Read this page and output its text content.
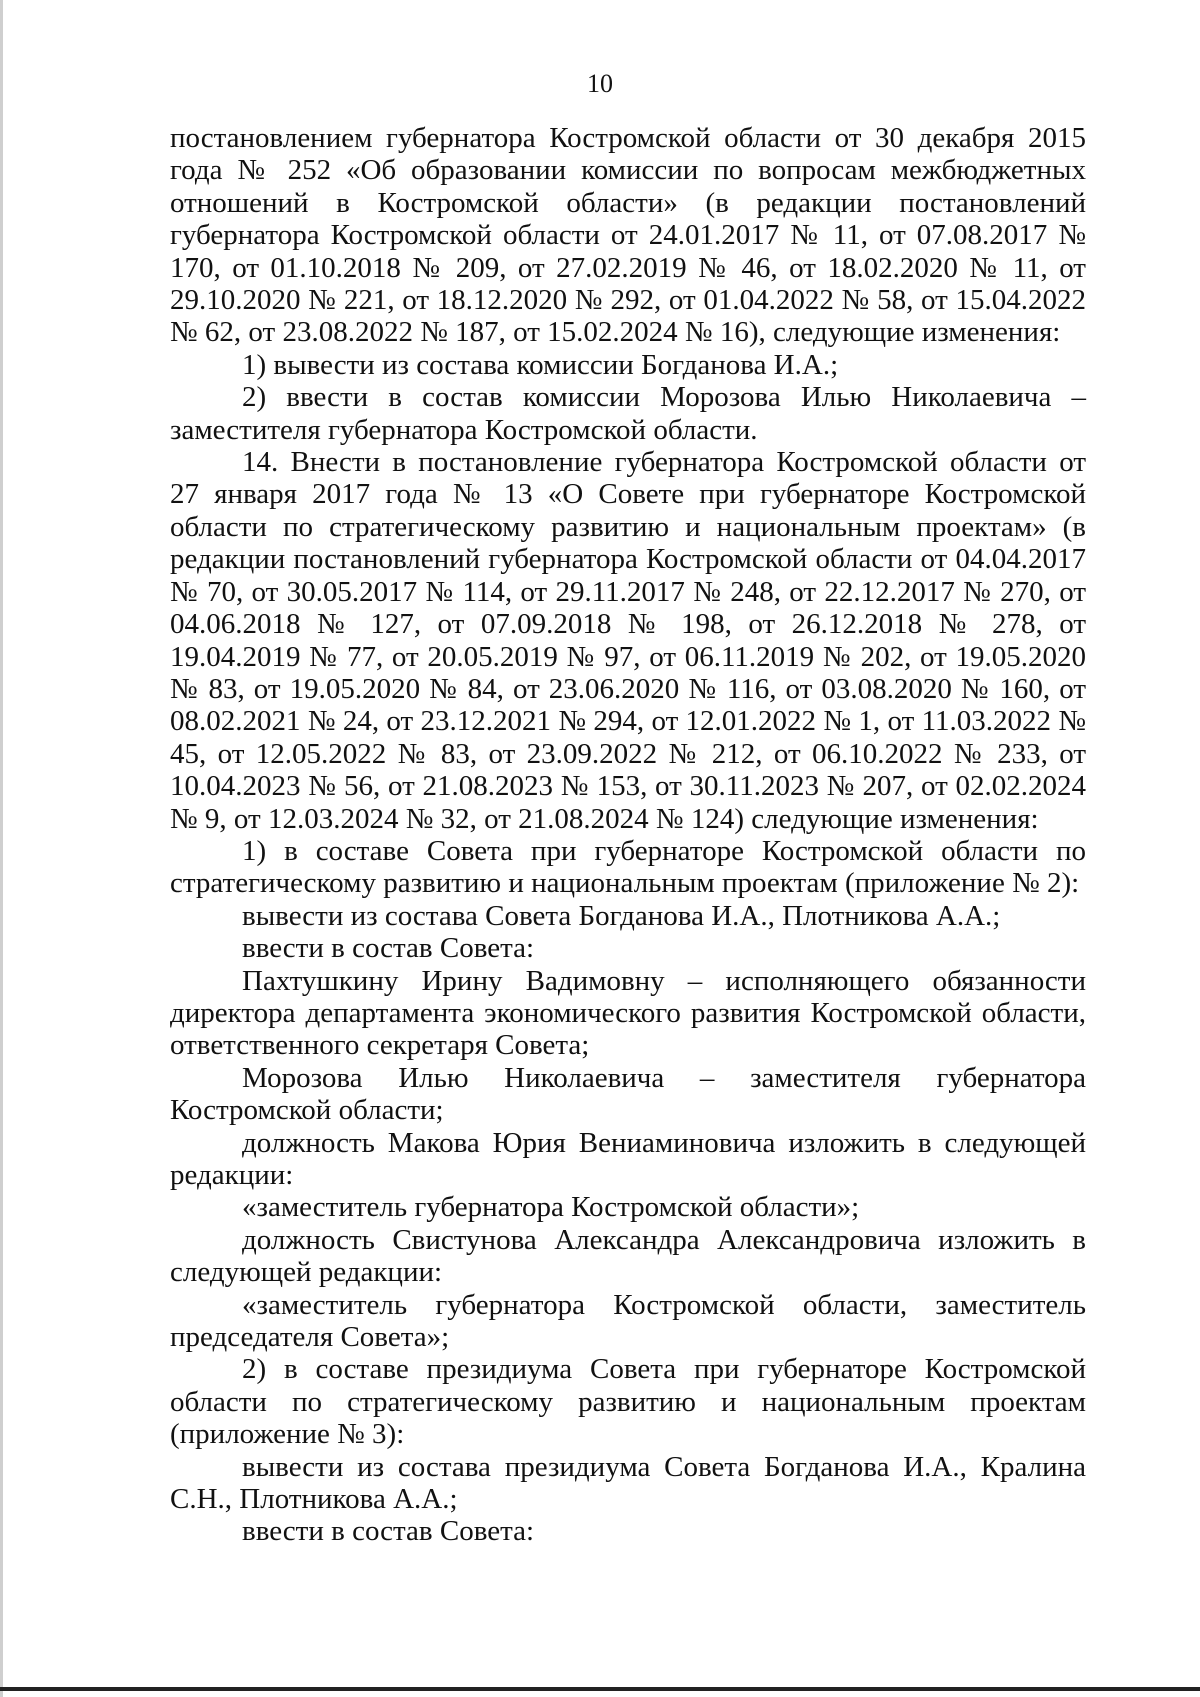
10

постановлением губернатора Костромской области от 30 декабря 2015 года № 252 «Об образовании комиссии по вопросам межбюджетных отношений в Костромской области» (в редакции постановлений губернатора Костромской области от 24.01.2017 № 11, от 07.08.2017 № 170, от 01.10.2018 № 209, от 27.02.2019 № 46, от 18.02.2020 № 11, от 29.10.2020 № 221, от 18.12.2020 № 292, от 01.04.2022 № 58, от 15.04.2022 № 62, от 23.08.2022 № 187, от 15.02.2024 № 16), следующие изменения:

1) вывести из состава комиссии Богданова И.А.;

2) ввести в состав комиссии Морозова Илью Николаевича – заместителя губернатора Костромской области.

14. Внести в постановление губернатора Костромской области от 27 января 2017 года № 13 «О Совете при губернаторе Костромской области по стратегическому развитию и национальным проектам» (в редакции постановлений губернатора Костромской области от 04.04.2017 № 70, от 30.05.2017 № 114, от 29.11.2017 № 248, от 22.12.2017 № 270, от 04.06.2018 № 127, от 07.09.2018 № 198, от 26.12.2018 № 278, от 19.04.2019 № 77, от 20.05.2019 № 97, от 06.11.2019 № 202, от 19.05.2020 № 83, от 19.05.2020 № 84, от 23.06.2020 № 116, от 03.08.2020 № 160, от 08.02.2021 № 24, от 23.12.2021 № 294, от 12.01.2022 № 1, от 11.03.2022 № 45, от 12.05.2022 № 83, от 23.09.2022 № 212, от 06.10.2022 № 233, от 10.04.2023 № 56, от 21.08.2023 № 153, от 30.11.2023 № 207, от 02.02.2024 № 9, от 12.03.2024 № 32, от 21.08.2024 № 124) следующие изменения:

1) в составе Совета при губернаторе Костромской области по стратегическому развитию и национальным проектам (приложение № 2):

вывести из состава Совета Богданова И.А., Плотникова А.А.;

ввести в состав Совета:

Пахтушкину Ирину Вадимовну – исполняющего обязанности директора департамента экономического развития Костромской области, ответственного секретаря Совета;

Морозова Илью Николаевича – заместителя губернатора Костромской области;

должность Макова Юрия Вениаминовича изложить в следующей редакции:

«заместитель губернатора Костромской области»;

должность Свистунова Александра Александровича изложить в следующей редакции:

«заместитель губернатора Костромской области, заместитель председателя Совета»;

2) в составе президиума Совета при губернаторе Костромской области по стратегическому развитию и национальным проектам (приложение № 3):

вывести из состава президиума Совета Богданова И.А., Кралина С.Н., Плотникова А.А.;

ввести в состав Совета:
